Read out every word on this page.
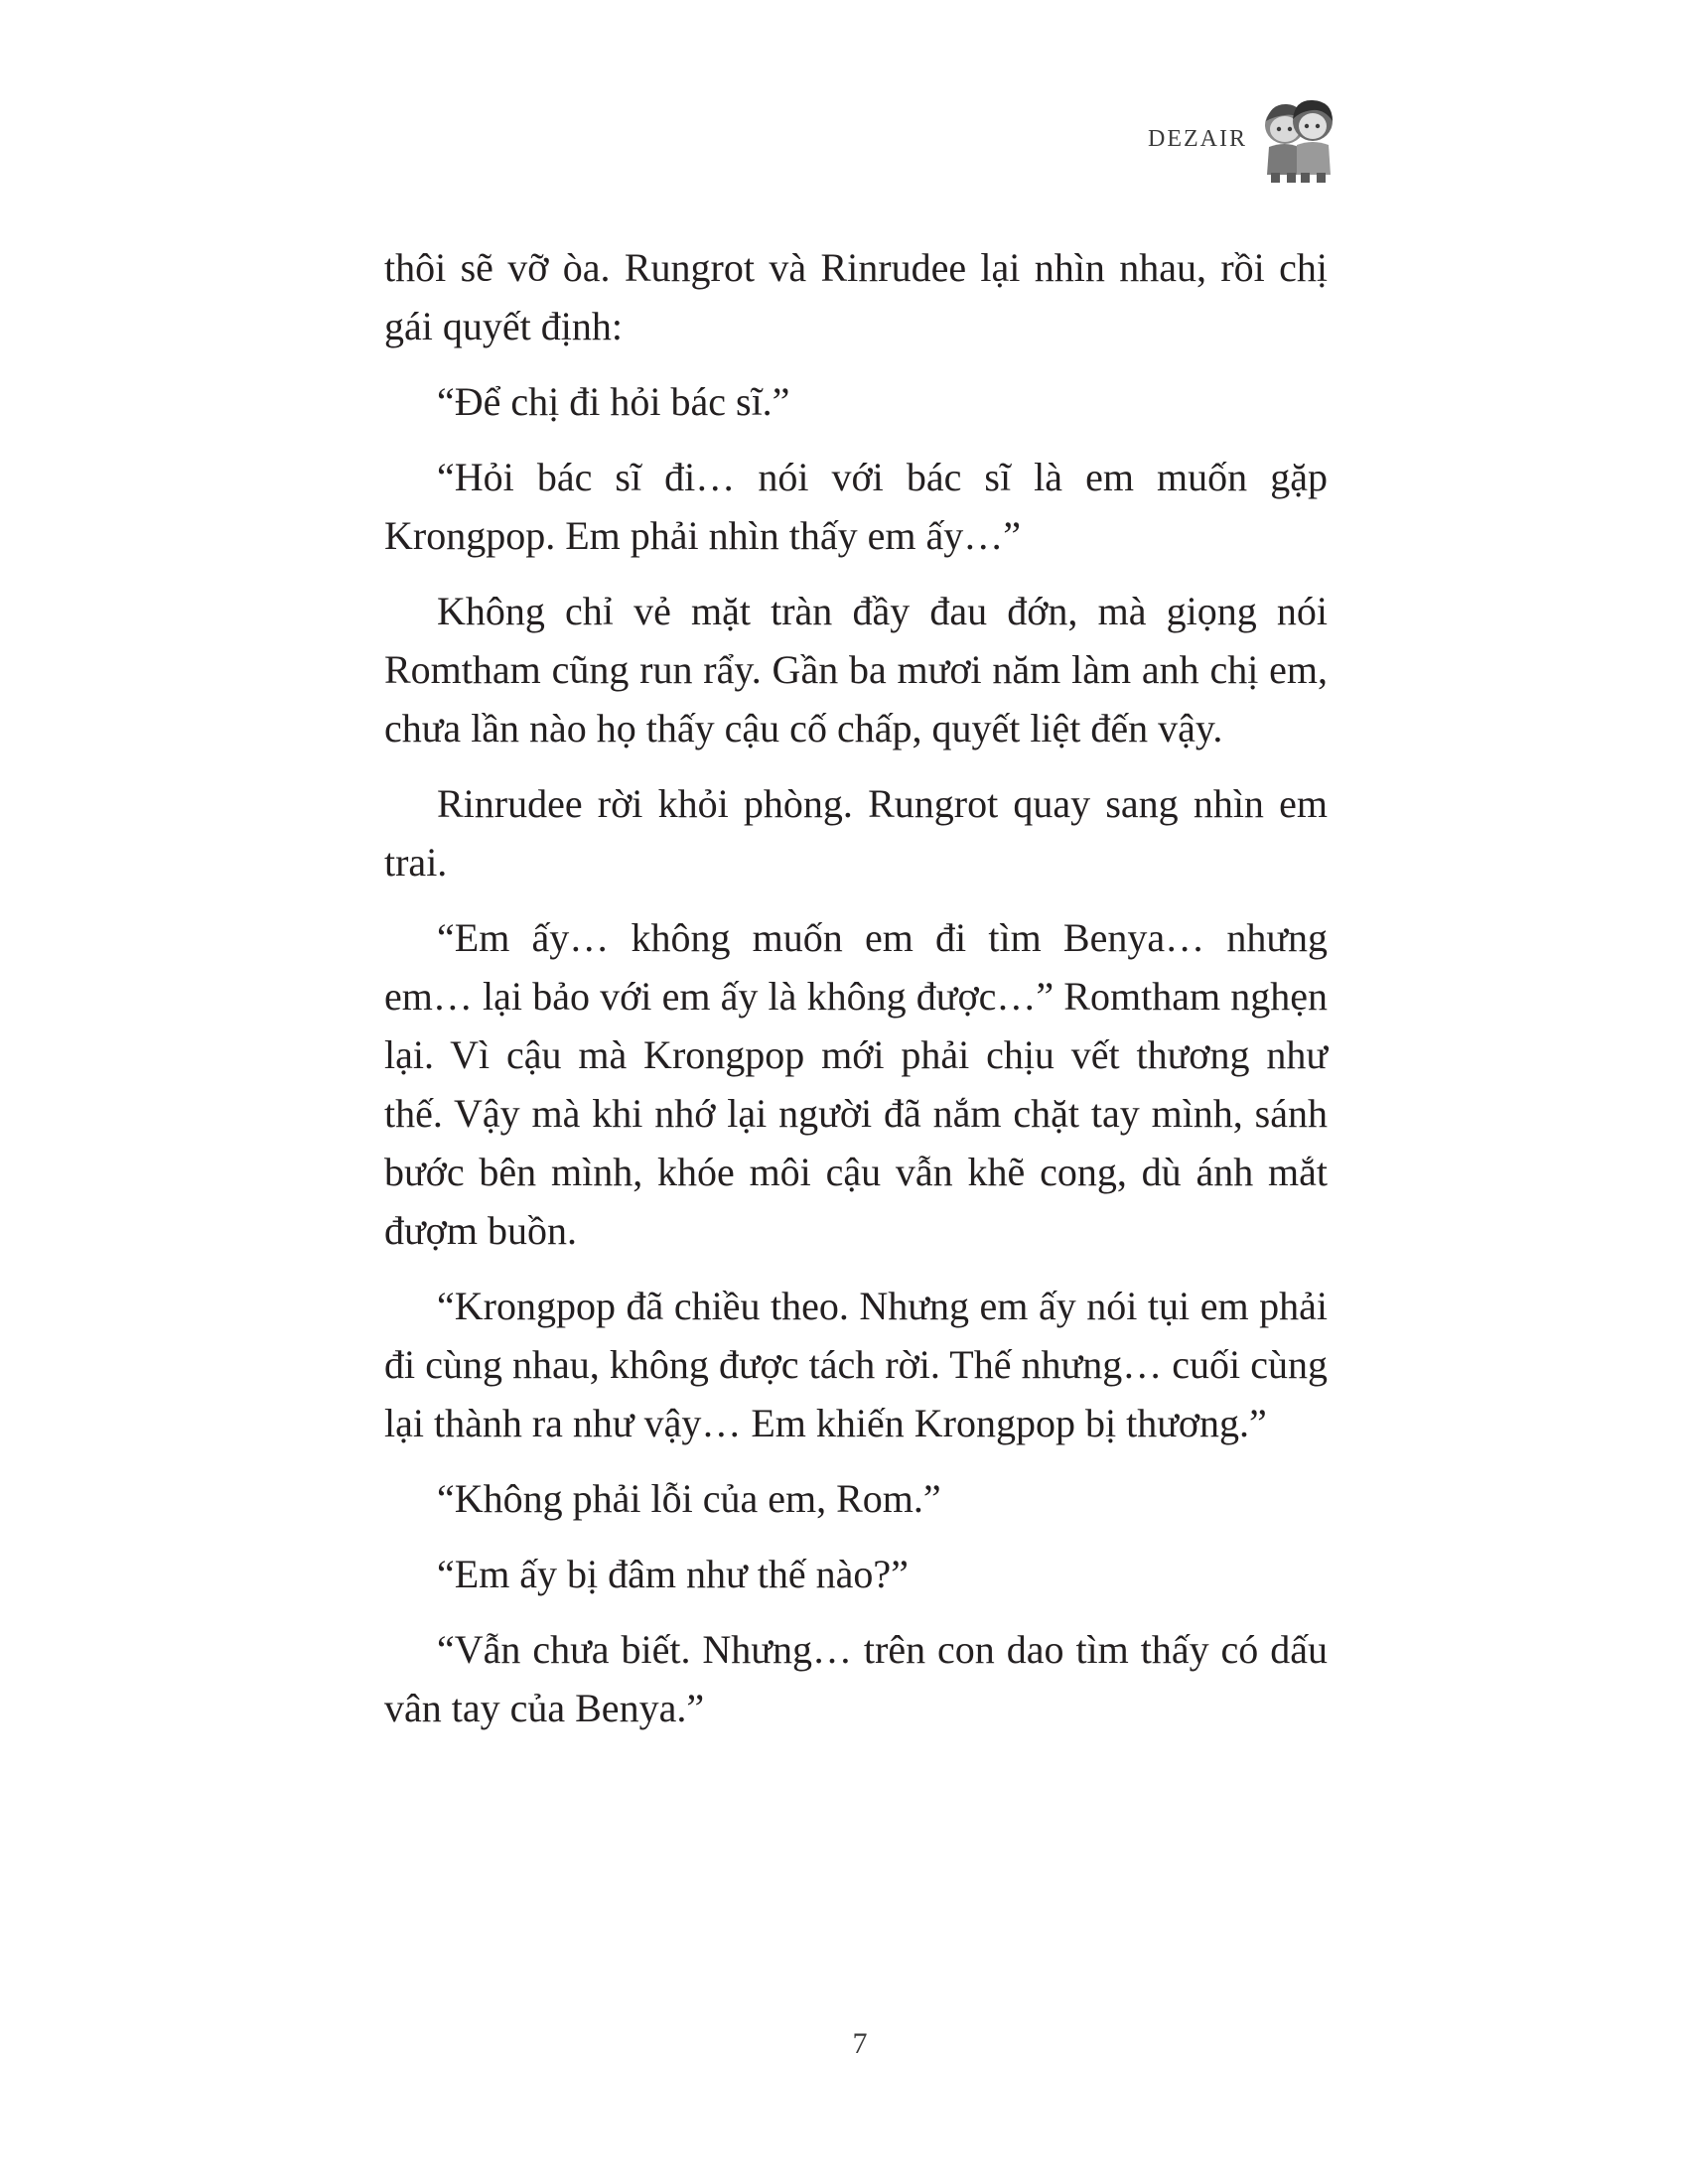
DEZAIR

thôi sẽ vỡ òa. Rungrot và Rinrudee lại nhìn nhau, rồi chị gái quyết định:

“Để chị đi hỏi bác sĩ.”

“Hỏi bác sĩ đi… nói với bác sĩ là em muốn gặp Krongpop. Em phải nhìn thấy em ấy…”

Không chỉ vẻ mặt tràn đầy đau đớn, mà giọng nói Romtham cũng run rẩy. Gần ba mươi năm làm anh chị em, chưa lần nào họ thấy cậu cố chấp, quyết liệt đến vậy.

Rinrudee rời khỏi phòng. Rungrot quay sang nhìn em trai.

“Em ấy… không muốn em đi tìm Benya… nhưng em… lại bảo với em ấy là không được…” Romtham nghẹn lại. Vì cậu mà Krongpop mới phải chịu vết thương như thế. Vậy mà khi nhớ lại người đã nắm chặt tay mình, sánh bước bên mình, khóe môi cậu vẫn khẽ cong, dù ánh mắt đượm buồn.

“Krongpop đã chiều theo. Nhưng em ấy nói tụi em phải đi cùng nhau, không được tách rời. Thế nhưng… cuối cùng lại thành ra như vậy… Em khiến Krongpop bị thương.”

“Không phải lỗi của em, Rom.”

“Em ấy bị đâm như thế nào?”

“Vẫn chưa biết. Nhưng… trên con dao tìm thấy có dấu vân tay của Benya.”

7
